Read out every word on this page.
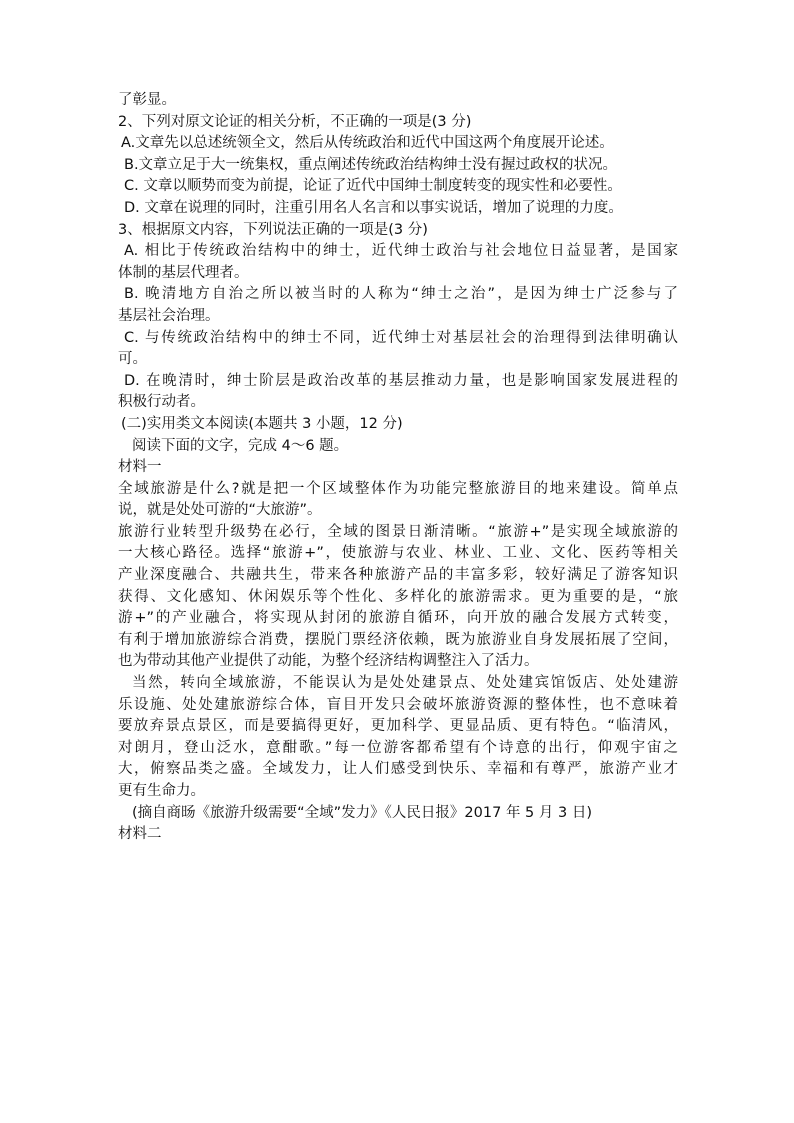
了彰显。
2、下列对原文论证的相关分析，不正确的一项是(3 分)
A.文章先以总述统领全文，然后从传统政治和近代中国这两个角度展开论述。
B.文章立足于大一统集权，重点阐述传统政治结构绅士没有握过政权的状况。
C. 文章以顺势而变为前提，论证了近代中国绅士制度转变的现实性和必要性。
D. 文章在说理的同时，注重引用名人名言和以事实说话，增加了说理的力度。
3、根据原文内容，下列说法正确的一项是(3 分)
A. 相比于传统政治结构中的绅士，近代绅士政治与社会地位日益显著，是国家
体制的基层代理者。
B. 晚清地方自治之所以被当时的人称为“绅士之治”，是因为绅士广泛参与了
基层社会治理。
C. 与传统政治结构中的绅士不同，近代绅士对基层社会的治理得到法律明确认
可。
D. 在晚清时，绅士阶层是政治改革的基层推动力量，也是影响国家发展进程的
积极行动者。
(二)实用类文本阅读(本题共 3 小题，12 分)
阅读下面的文字，完成 4～6 题。
材料一
全域旅游是什么?就是把一个区域整体作为功能完整旅游目的地来建设。简单点
说，就是处处可游的“大旅游”。
旅游行业转型升级势在必行，全域的图景日渐清晰。“旅游+”是实现全域旅游的
一大核心路径。选择“旅游+”，使旅游与农业、林业、工业、文化、医药等相关
产业深度融合、共融共生，带来各种旅游产品的丰富多彩，较好满足了游客知识
获得、文化感知、休闲娱乐等个性化、多样化的旅游需求。更为重要的是，“旅
游+”的产业融合，将实现从封闭的旅游自循环，向开放的融合发展方式转变，
有利于增加旅游综合消费，摆脱门票经济依赖，既为旅游业自身发展拓展了空间，
也为带动其他产业提供了动能，为整个经济结构调整注入了活力。
当然，转向全域旅游，不能误认为是处处建景点、处处建宾馆饭店、处处建游
乐设施、处处建旅游综合体，盲目开发只会破坏旅游资源的整体性，也不意味着
要放弃景点景区，而是要搞得更好，更加科学、更显品质、更有特色。“临清风，
对朗月，登山泛水，意酣歌。”每一位游客都希望有个诗意的出行，仰观宇宙之
大，俯察品类之盛。全域发力，让人们感受到快乐、幸福和有尊严，旅游产业才
更有生命力。
(摘自商旸《旅游升级需要“全域”发力》《人民日报》2017 年 5 月 3 日)
材料二
